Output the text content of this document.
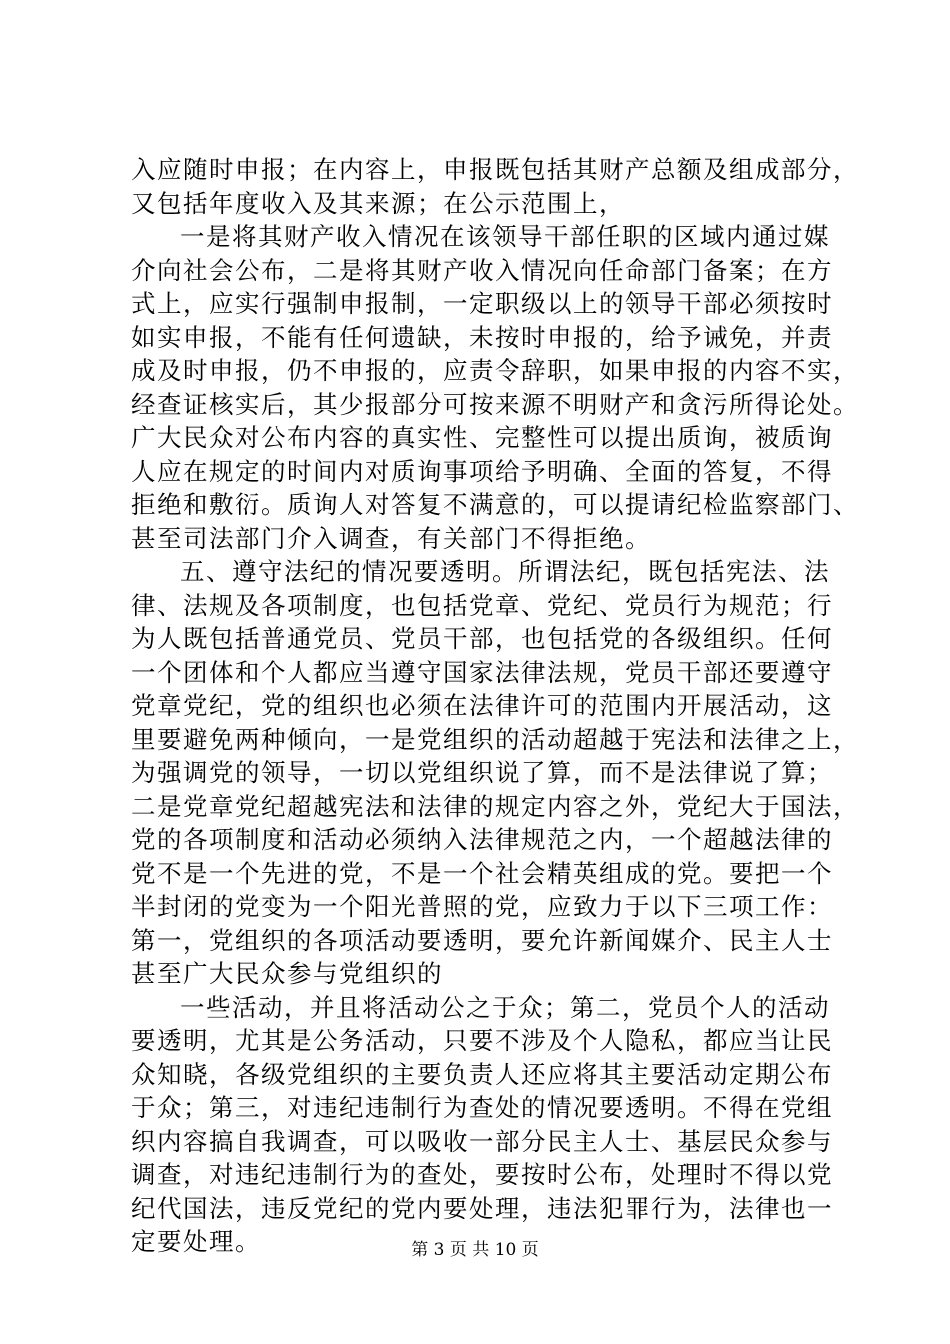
入应随时申报；在内容上，申报既包括其财产总额及组成部分，
又包括年度收入及其来源；在公示范围上，
一是将其财产收入情况在该领导干部任职的区域内通过媒
介向社会公布，二是将其财产收入情况向任命部门备案；在方
式上，应实行强制申报制，一定职级以上的领导干部必须按时
如实申报，不能有任何遗缺，未按时申报的，给予诫免，并责
成及时申报，仍不申报的，应责令辞职，如果申报的内容不实，
经查证核实后，其少报部分可按来源不明财产和贪污所得论处。
广大民众对公布内容的真实性、完整性可以提出质询，被质询
人应在规定的时间内对质询事项给予明确、全面的答复，不得
拒绝和敷衍。质询人对答复不满意的，可以提请纪检监察部门、
甚至司法部门介入调查，有关部门不得拒绝。
五、遵守法纪的情况要透明。所谓法纪，既包括宪法、法
律、法规及各项制度，也包括党章、党纪、党员行为规范；行
为人既包括普通党员、党员干部，也包括党的各级组织。任何
一个团体和个人都应当遵守国家法律法规，党员干部还要遵守
党章党纪，党的组织也必须在法律许可的范围内开展活动，这
里要避免两种倾向，一是党组织的活动超越于宪法和法律之上，
为强调党的领导，一切以党组织说了算，而不是法律说了算；
二是党章党纪超越宪法和法律的规定内容之外，党纪大于国法，
党的各项制度和活动必须纳入法律规范之内，一个超越法律的
党不是一个先进的党，不是一个社会精英组成的党。要把一个
半封闭的党变为一个阳光普照的党，应致力于以下三项工作：
第一，党组织的各项活动要透明，要允许新闻媒介、民主人士
甚至广大民众参与党组织的
一些活动，并且将活动公之于众；第二，党员个人的活动
要透明，尤其是公务活动，只要不涉及个人隐私，都应当让民
众知晓，各级党组织的主要负责人还应将其主要活动定期公布
于众；第三，对违纪违制行为查处的情况要透明。不得在党组
织内容搞自我调查，可以吸收一部分民主人士、基层民众参与
调查，对违纪违制行为的查处，要按时公布，处理时不得以党
纪代国法，违反党纪的党内要处理，违法犯罪行为，法律也一
定要处理。	第 3 页 共 10 页
